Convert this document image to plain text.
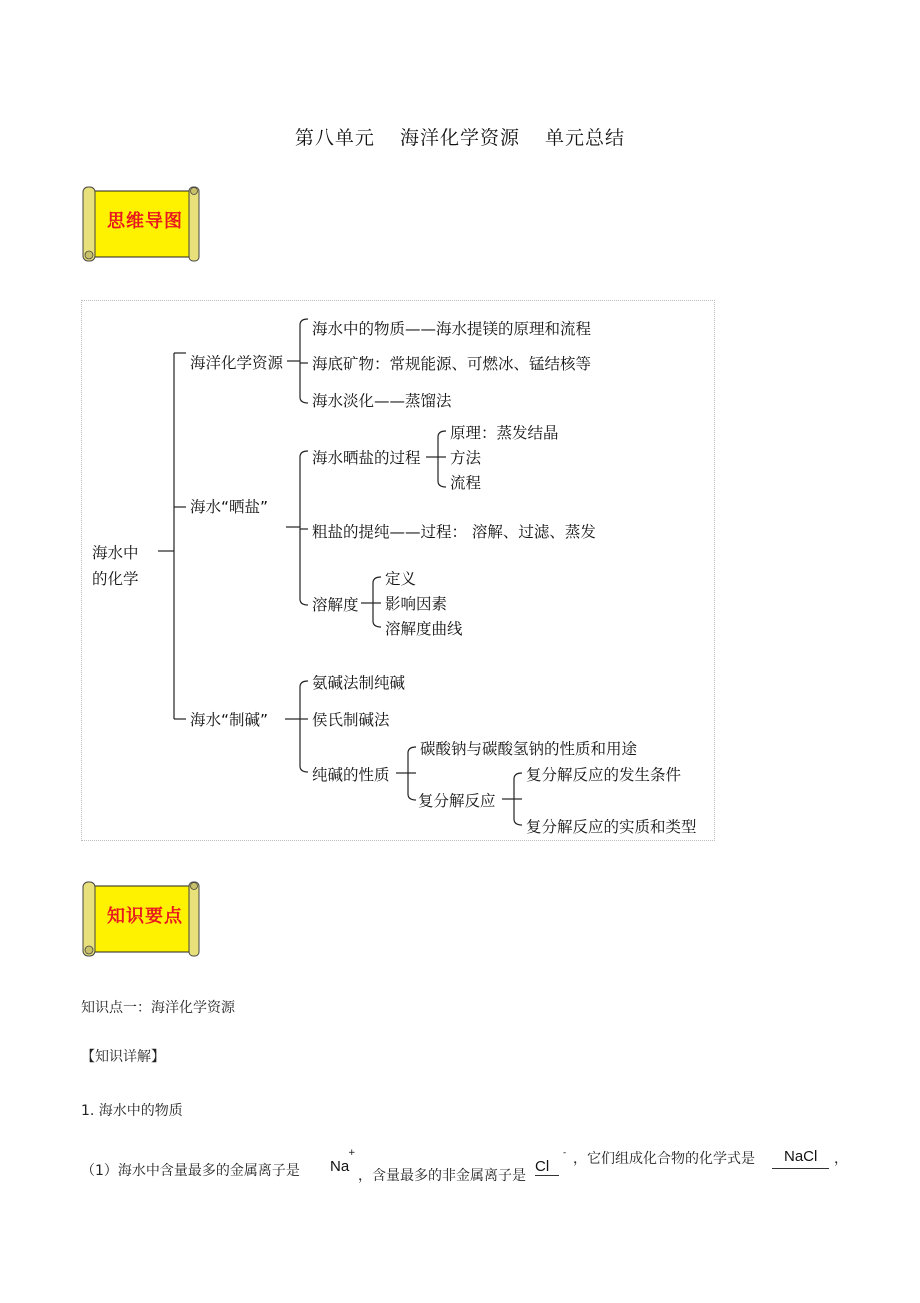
第八单元 海洋化学资源 单元总结
思维导图
海水中
的化学
海洋化学资源
海水中的物质——海水提镁的原理和流程
海底矿物：常规能源、可燃冰、锰结核等
海水淡化——蒸馏法
海水“晒盐”
海水晒盐的过程
原理：蒸发结晶
方法
流程
粗盐的提纯——过程： 溶解、过滤、蒸发
溶解度
定义
影响因素
溶解度曲线
海水“制碱”
氨碱法制纯碱
侯氏制碱法
纯碱的性质
碳酸钠与碳酸氢钠的性质和用途
复分解反应
复分解反应的发生条件
复分解反应的实质和类型
知识要点
知识点一：海洋化学资源
【知识详解】
1. 海水中的物质
（1）海水中含量最多的金属离子是 Na
+
，含量最多的非金属离子是
Cl
- ，它们组成化合物的化学式是	NaCl	，
